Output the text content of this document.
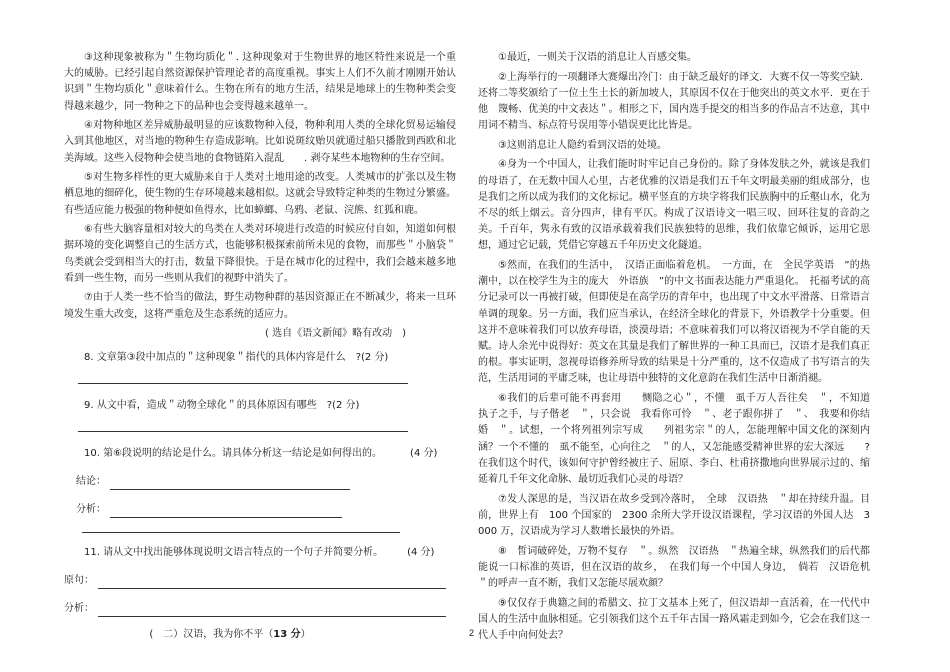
③这种现象被称为＂生物均质化＂. 这种现象对于生物世界的地区特性来说是一个重大的威胁。已经引起自然资源保护管理论者的高度重视。事实上人们不久前才刚刚开始认识到＂生物均质化＂意味着什么。生物在所有的地方生活，结果是地球上的生物种类会变得越来越少，同一物种之下的品种也会变得越来越单一。

④对物种地区差异威胁最明显的应该数物种入侵，物种利用人类的全球化贸易运输侵入到其他地区，对当地的物种生存造成影响。比如说斑纹贻贝就通过船只播散到西欧和北美海域。这些入侵物种会使当地的食物链陷入混乱　　. 剥夺某些本地物种的生存空间。

⑤对生物多样性的更大威胁来自于人类对土地用途的改变。人类城市的扩张以及生物栖息地的细碎化，使生物的生存环境越来越相似。这就会导致特定种类的生物过分繁盛。有些适应能力极强的物种便如鱼得水，比如蟑螂、乌鸦、老鼠、浣熊、红狐和鹿。

⑥有些大脑容量相对较大的鸟类在人类对环境进行改造的时候应付自如，知道如何根据环境的变化调整自己的生活方式，也能够积极探索前所未见的食物，而那些＂小脑袋＂鸟类就会受到相当大的打击，数量下降很快。于是在城市化的过程中，我们会越来越多地看到一些生物，而另一些则从我们的视野中消失了。

⑦由于人类一些不恰当的做法，野生动物种群的基因资源正在不断减少，将来一旦环境发生重大改变，这将严重危及生态系统的适应力。

( 选自《语文新闻》略有改动　)
8. 文章第③段中加点的＂这种现象＂指代的具体内容是什么 ?(2 分)
9. 从文中看，造成＂动物全球化＂的具体原因有哪些 ?(2 分)
10. 第⑥段说明的结论是什么。请具体分析这一结论是如何得出的。	(4 分)
结论：
分析：
11. 请从文中找出能够体现说明文语言特点的一个句子并简要分析。 (4 分)
原句：
分析：
(　二）汉语，我为你不平（13 分）

①最近，一则关于汉语的消息让人百感交集。

②上海举行的一项翻译大赛爆出冷门：由于缺乏最好的译文．大赛不仅一等奖空缺．还将二等奖颁给了一位土生土长的新加坡人，其原因不仅在于他突出的英文水平．更在于他　篾畅、优美的中文表达＂。相形之下，国内选手提交的相当多的作品言不达意，其中用词不精当、标点符号误用等小错误更比比皆是。

③这则消息让人隐约看到汉语的处境。

④身为一个中国人，让我们能时时牢记自己身份的。除了身体发肤之外，就该是我们的母语了，在无数中国人心里，古老优雅的汉语是我们五千年文明最美丽的组成部分，也是我们之所以成为我们的文化标记。横平竖直的方块字将我们民族胸中的丘壑山水，化为不尽的纸上烟云。音分四声，律有平仄。构成了汉语诗文一唱三叹、回环往复的音韵之美。千百年，隽永有致的汉语承载着我们民族独特的思维，我们依靠它倾诉，运用它思想，通过它记载，凭借它穿越五千年历史文化隧道。

⑤然而，在我们的生活中，　汉语正面临着危机。　一方面，在　全民学英语　”的热潮中，以在校学生为主的庞大　外语族　”的中文书面表达能力严重退化。　托福考试的高分记录可以一再被打破，但即使是在高学历的青年中，也出现了中文水平滑落、日常语言单调的现象。另一方面，我们应当承认，在经济全球化的背景下，外语教学十分重要。但这并不意味着我们可以放弃母语，淡漠母语；不意味着我们可以将汉语视为不学自能的天赋。诗人余光中说得好：英文在其量是我们了解世界的一种工具而已，汉语才是我们真正的根。事实证明，忽视母语修养所导致的结果是十分严重的，这不仅造成了书写语言的失范，生活用词的平庸乏味，也让母语中独特的文化意韵在我们生活中日渐消褪。

⑥我们的后辈可能不再套用　　恻隐之心＂，不懂　虱千万人吾往矣　＂，不知道　执子之手，与子偕老　＂，只会说　我看你可怜　＂、老子跟你拼了　＂、　我要和你结婚　＂。试想，一个将列祖列宗写成　　列祖劣宗＂的人，怎能理解中国文化的深刻内涵？一个不懂的　虱不能至，心向往之　＂的人，又怎能感受精神世界的宏大深远　　?在我们这个时代，该如何守护曾经被庄子、屈原、李白、杜甫挤撒地向世界展示过的、缩延着几千年文化命脉、最切近我们心灵的母语？

⑦发人深思的是，当汉语在故乡受到冷落时，　全球　汉语热　＂却在持续升温。目前，世界上有　100 个国家的　2300 余所大学开设汉语课程，学习汉语的外国人达　3000 万，汉语成为学习人数增长最快的外语。

⑧　皙词破碎处，万物不复存　＂。纵然　汉语热　＂热遍全球，纵然我们的后代都能说一口标准的英语，但在汉语的故乡，　在我们每一个中国人身边，　倘若　汉语危机　＂的呼声一直不断，我们又怎能尽展欢颜？

⑨仅仅存于典籍之间的希腊文、拉丁文基本上死了，但汉语却一直活着，在一代代中国人的生活中血脉相延。它引领我们这个五千年古国一路风霜走到如今，它会在我们这一代人手中向何处去？

2
